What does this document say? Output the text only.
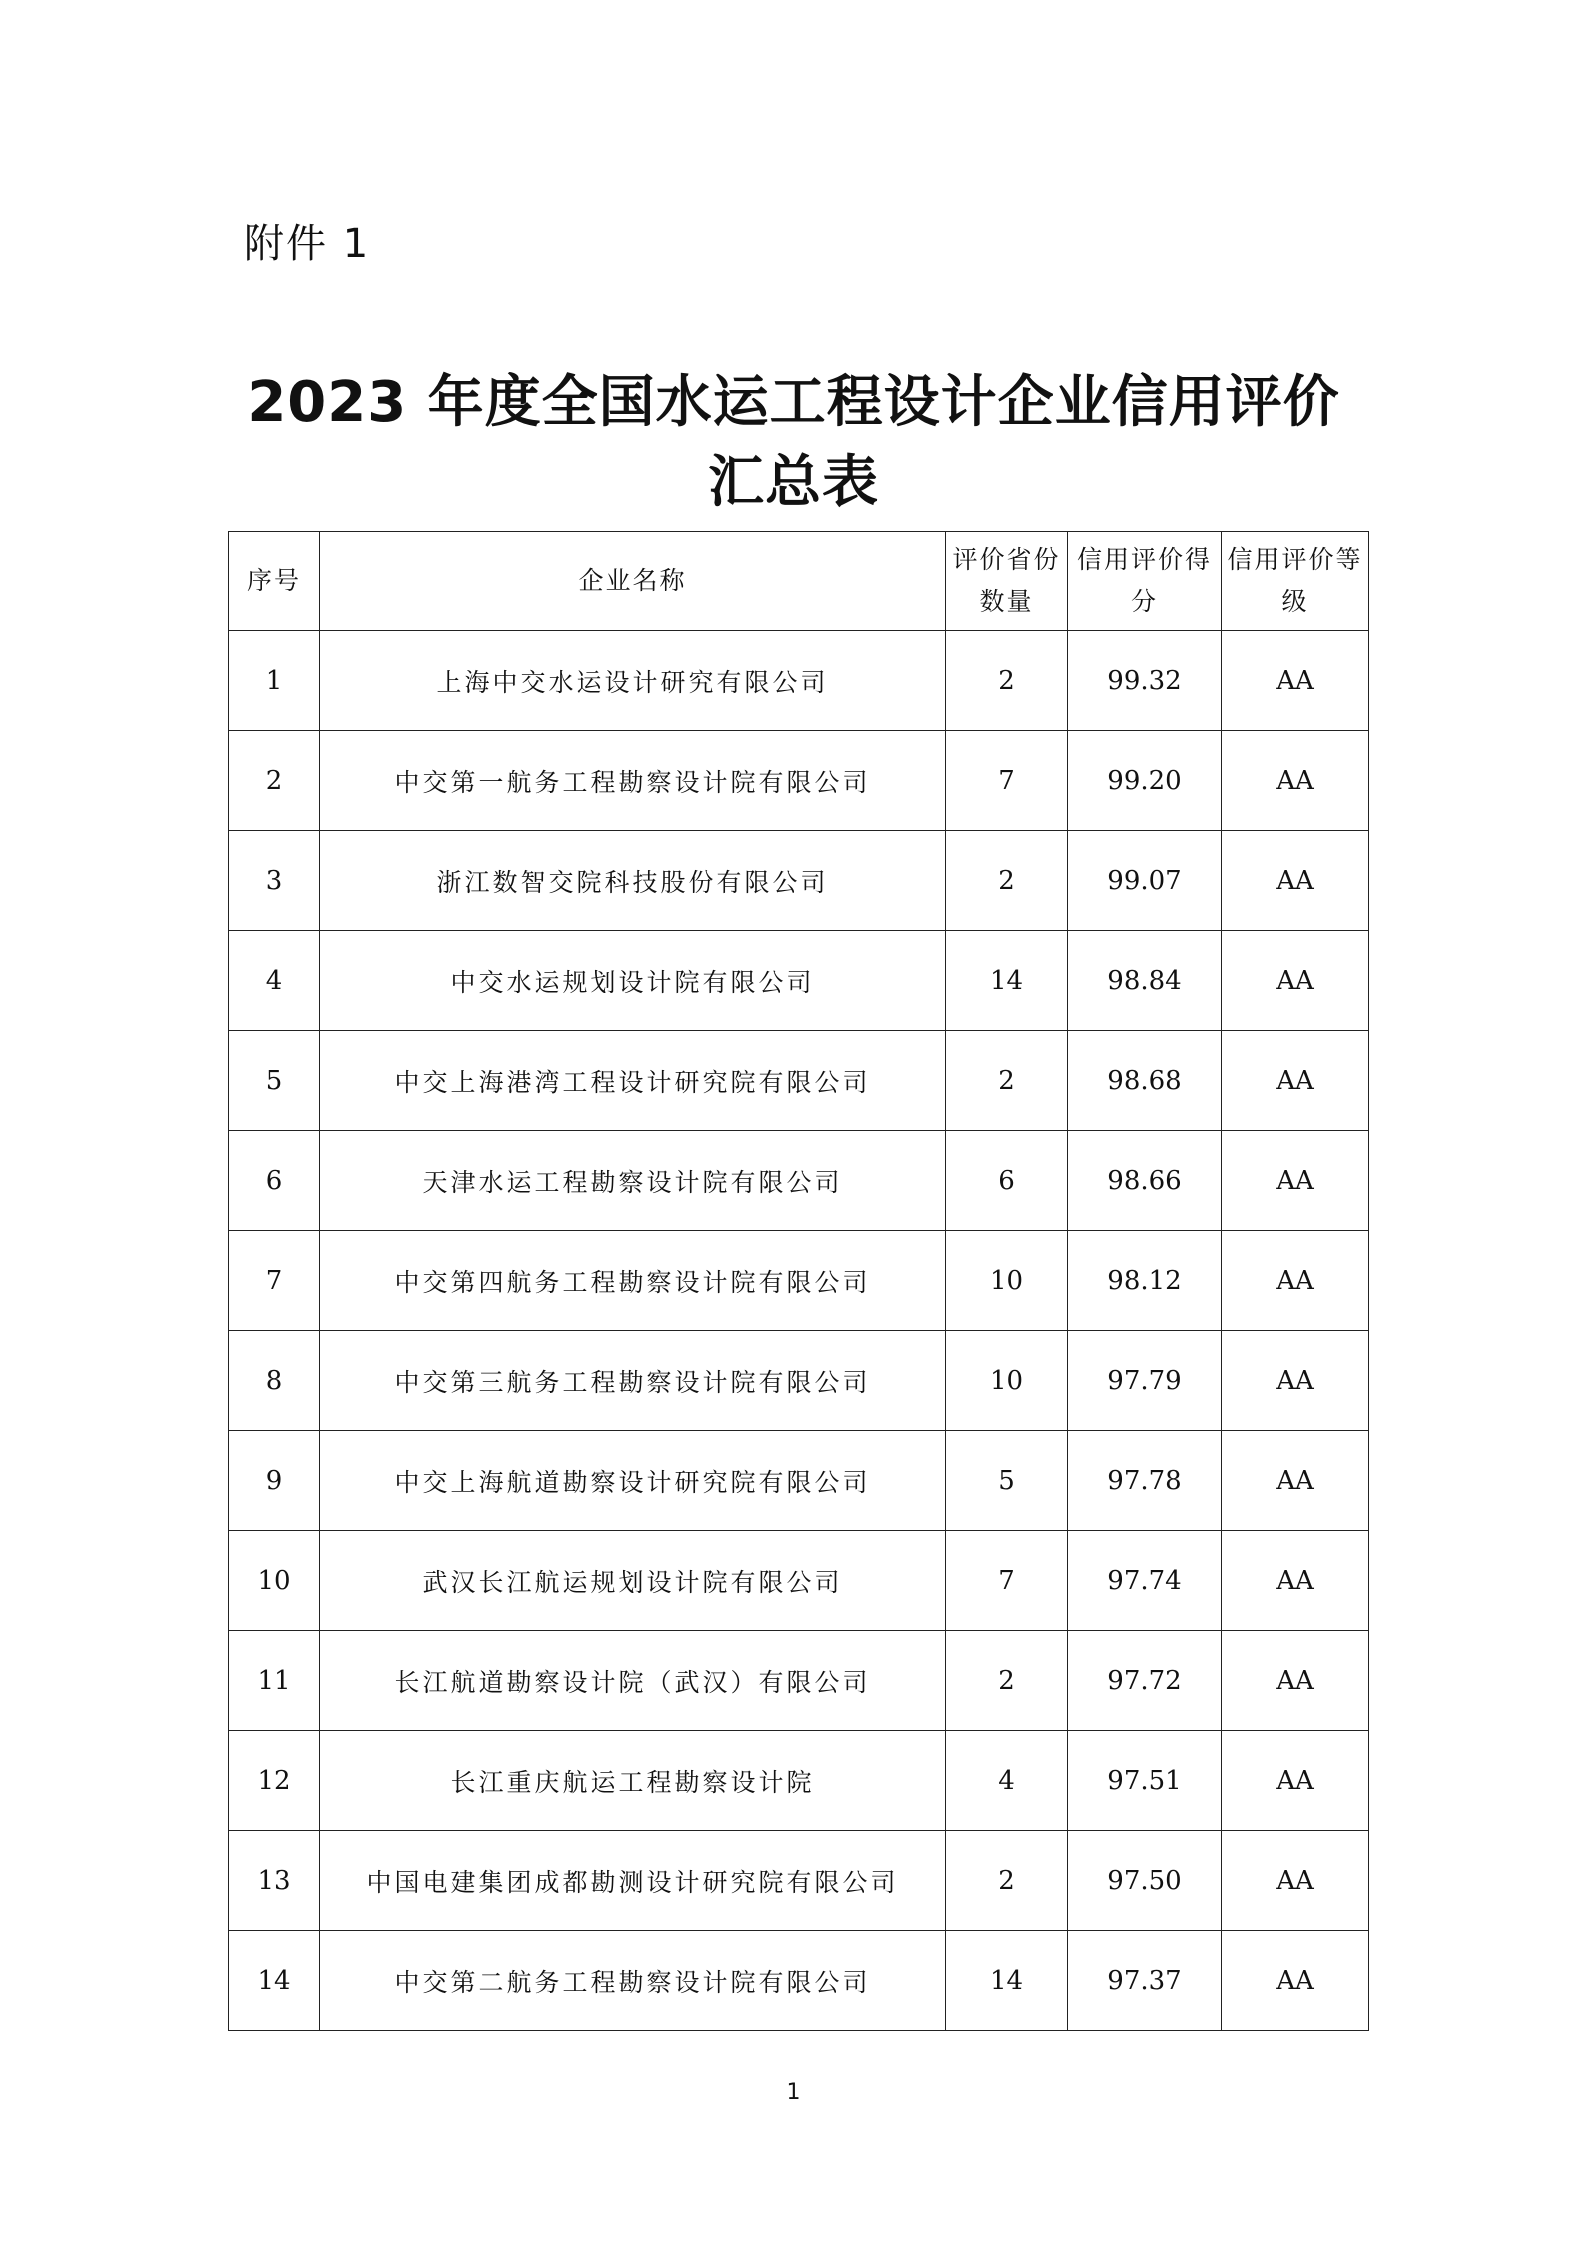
附件 1
2023 年度全国水运工程设计企业信用评价
汇总表
序号	企业名称	评价省份数量	信用评价得分	信用评价等级
1	上海中交水运设计研究有限公司	2	99.32	AA
2	中交第一航务工程勘察设计院有限公司	7	99.20	AA
3	浙江数智交院科技股份有限公司	2	99.07	AA
4	中交水运规划设计院有限公司	14	98.84	AA
5	中交上海港湾工程设计研究院有限公司	2	98.68	AA
6	天津水运工程勘察设计院有限公司	6	98.66	AA
7	中交第四航务工程勘察设计院有限公司	10	98.12	AA
8	中交第三航务工程勘察设计院有限公司	10	97.79	AA
9	中交上海航道勘察设计研究院有限公司	5	97.78	AA
10	武汉长江航运规划设计院有限公司	7	97.74	AA
11	长江航道勘察设计院（武汉）有限公司	2	97.72	AA
12	长江重庆航运工程勘察设计院	4	97.51	AA
13	中国电建集团成都勘测设计研究院有限公司	2	97.50	AA
14	中交第二航务工程勘察设计院有限公司	14	97.37	AA
1
